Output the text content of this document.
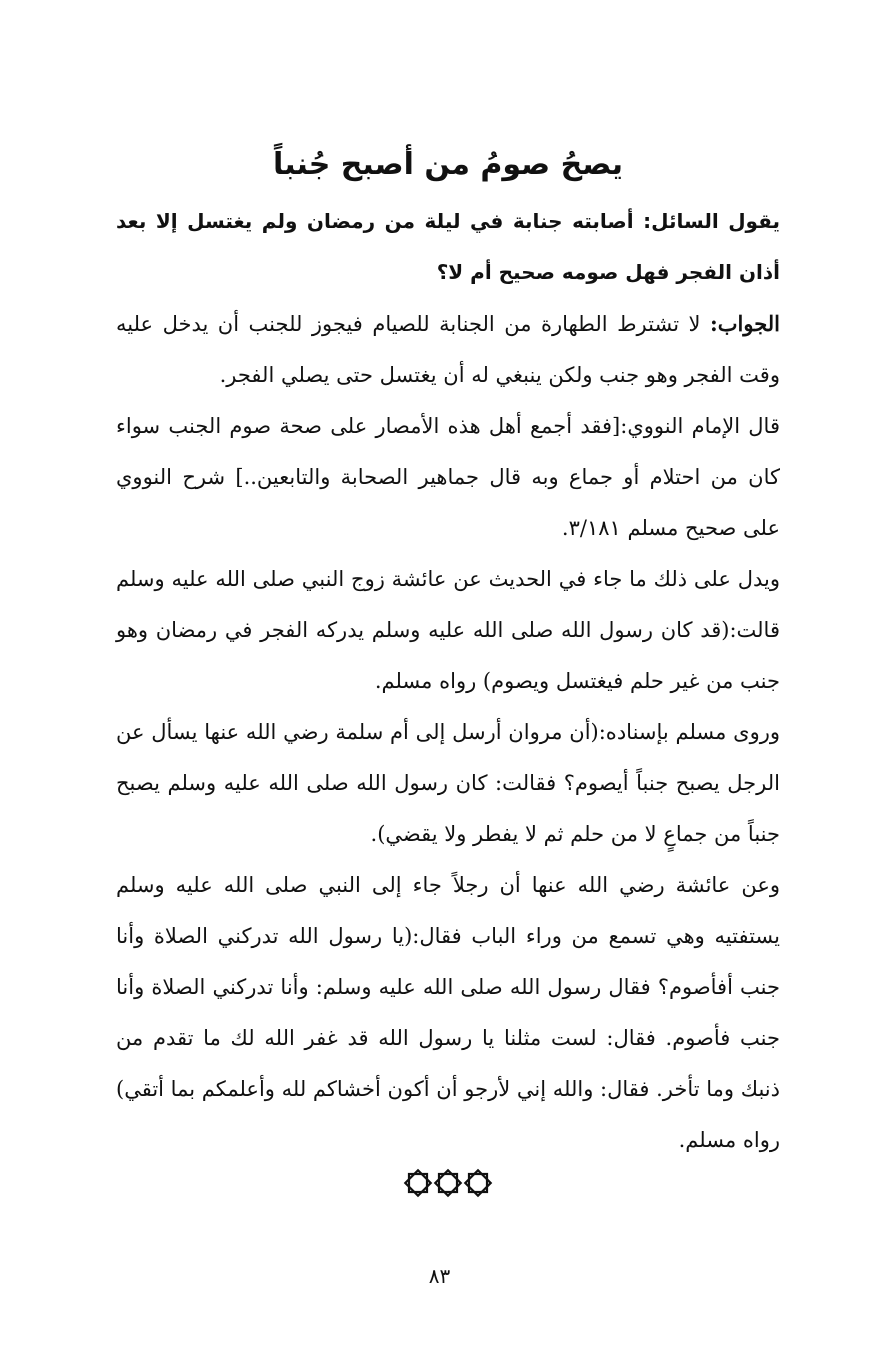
يصحُ صومُ من أصبح جُنباً

يقول السائل: أصابته جنابة في ليلة من رمضان ولم يغتسل إلا بعد أذان الفجر فهل صومه صحيح أم لا؟

الجواب: لا تشترط الطهارة من الجنابة للصيام فيجوز للجنب أن يدخل عليه وقت الفجر وهو جنب ولكن ينبغي له أن يغتسل حتى يصلي الفجر.

قال الإمام النووي:[فقد أجمع أهل هذه الأمصار على صحة صوم الجنب سواء كان من احتلام أو جماع وبه قال جماهير الصحابة والتابعين..] شرح النووي على صحيح مسلم ٣/١٨١.

ويدل على ذلك ما جاء في الحديث عن عائشة زوج النبي صلى الله عليه وسلم قالت:(قد كان رسول الله صلى الله عليه وسلم يدركه الفجر في رمضان وهو جنب من غير حلم فيغتسل ويصوم) رواه مسلم.

وروى مسلم بإسناده:(أن مروان أرسل إلى أم سلمة رضي الله عنها يسأل عن الرجل يصبح جنباً أيصوم؟ فقالت: كان رسول الله صلى الله عليه وسلم يصبح جنباً من جماعٍ لا من حلم ثم لا يفطر ولا يقضي).

وعن عائشة رضي الله عنها أن رجلاً جاء إلى النبي صلى الله عليه وسلم يستفتيه وهي تسمع من وراء الباب فقال:(يا رسول الله تدركني الصلاة وأنا جنب أفأصوم؟ فقال رسول الله صلى الله عليه وسلم: وأنا تدركني الصلاة وأنا جنب فأصوم. فقال: لست مثلنا يا رسول الله قد غفر الله لك ما تقدم من ذنبك وما تأخر. فقال: والله إني لأرجو أن أكون أخشاكم لله وأعلمكم بما أتقي) رواه مسلم.

٨٣
